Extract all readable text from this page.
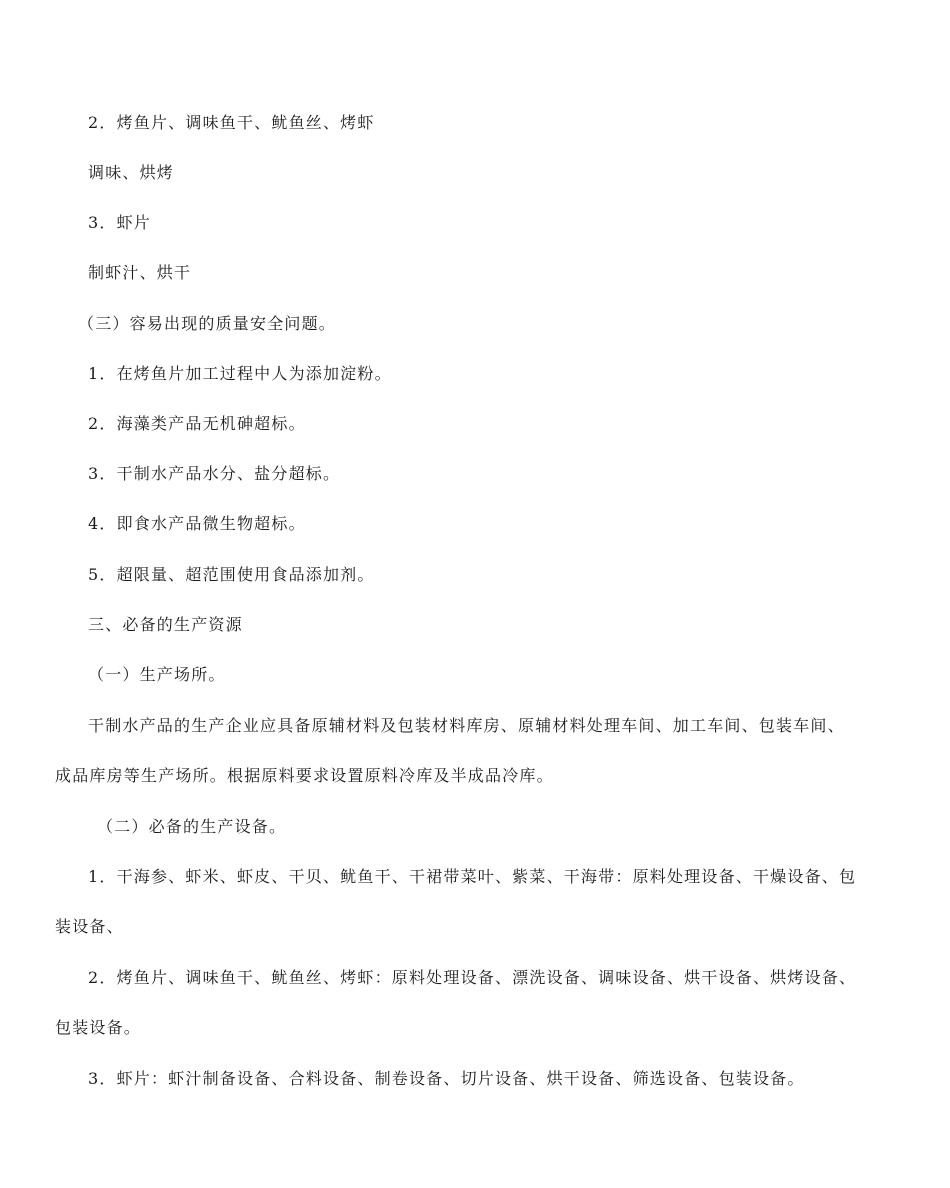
2．烤鱼片、调味鱼干、鱿鱼丝、烤虾
调味、烘烤
3．虾片
制虾汁、烘干
（三）容易出现的质量安全问题。
1．在烤鱼片加工过程中人为添加淀粉。
2．海藻类产品无机砷超标。
3．干制水产品水分、盐分超标。
4．即食水产品微生物超标。
5．超限量、超范围使用食品添加剂。
三、必备的生产资源
（一）生产场所。
干制水产品的生产企业应具备原辅材料及包装材料库房、原辅材料处理车间、加工车间、包装车间、
成品库房等生产场所。根据原料要求设置原料冷库及半成品冷库。
（二）必备的生产设备。
1．干海参、虾米、虾皮、干贝、鱿鱼干、干裙带菜叶、紫菜、干海带：原料处理设备、干燥设备、包
装设备、
2．烤鱼片、调味鱼干、鱿鱼丝、烤虾：原料处理设备、漂洗设备、调味设备、烘干设备、烘烤设备、
包装设备。
3．虾片：虾汁制备设备、合料设备、制卷设备、切片设备、烘干设备、筛选设备、包装设备。
